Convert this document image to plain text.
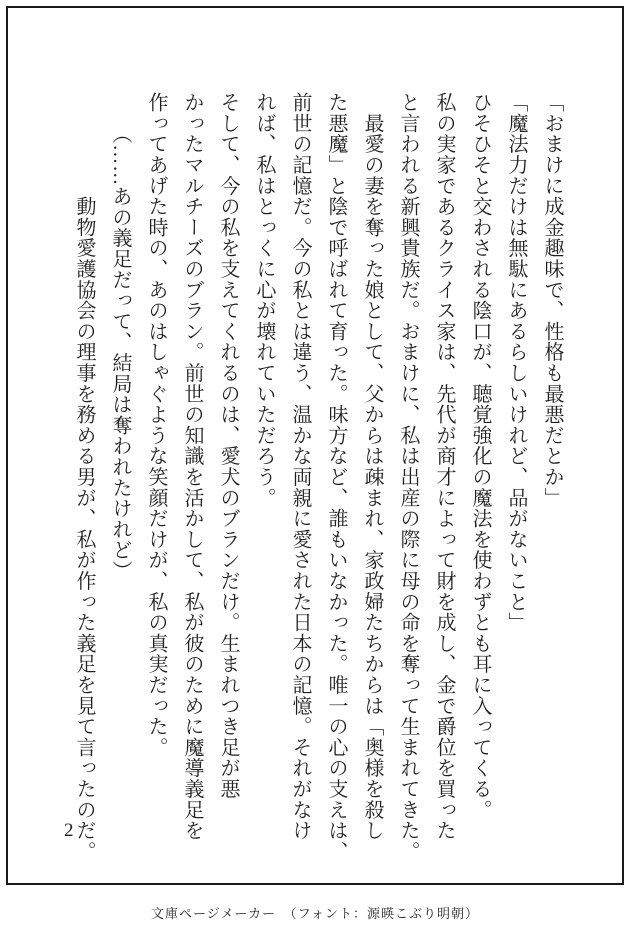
「おまけに成金趣味で、性格も最悪だとか」
「魔法力だけは無駄にあるらしいけれど、品がないこと」
ひそひそと交わされる陰口が、聴覚強化の魔法を使わずとも耳に入ってくる。
私の実家であるクライス家は、先代が商才によって財を成し、金で爵位を買った
と言われる新興貴族だ。おまけに、私は出産の際に母の命を奪って生まれてきた。
　最愛の妻を奪った娘として、父からは疎まれ、家政婦たちからは「奥様を殺し
た悪魔」と陰で呼ばれて育った。味方など、誰もいなかった。唯一の心の支えは、
前世の記憶だ。今の私とは違う、温かな両親に愛された日本の記憶。それがなけ
れば、私はとっくに心が壊れていただろう。
そして、今の私を支えてくれるのは、愛犬のブランだけ。生まれつき足が悪
かったマルチーズのブラン。前世の知識を活かして、私が彼のために魔導義足を
作ってあげた時の、あのはしゃぐような笑顔だけが、私の真実だった。
　　（……あの義足だって、結局は奪われたけれど）
　　　　　動物愛護協会の理事を務める男が、私が作った義足を見て言ったのだ。
2
文庫ページメーカー　（フォント：源暎こぶり明朝）
